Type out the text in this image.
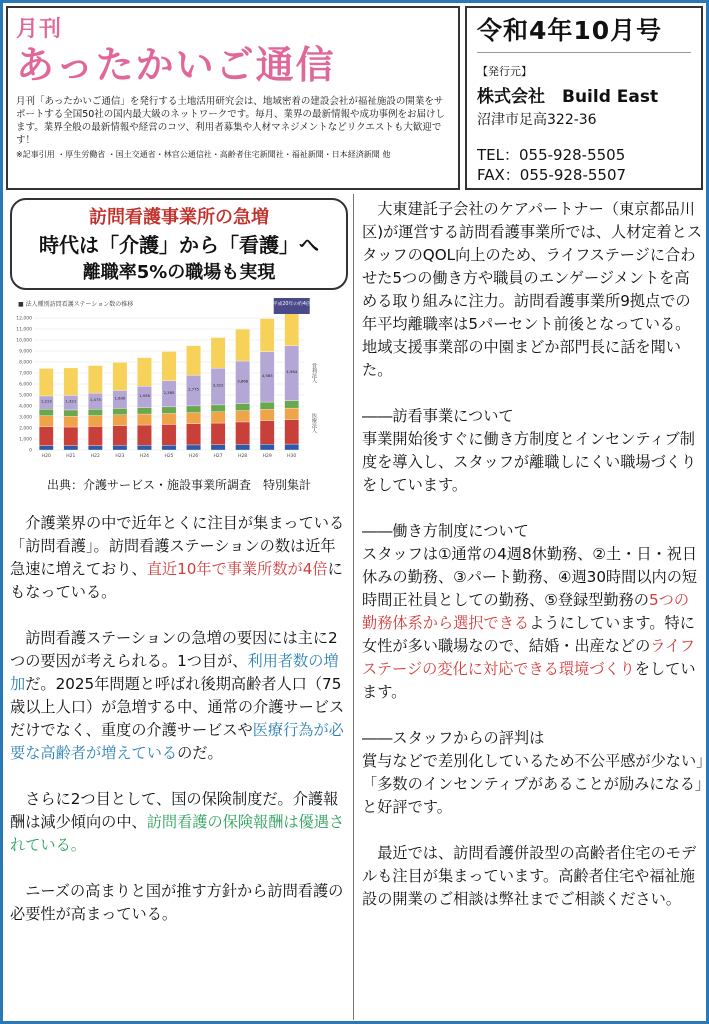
月刊
あったかいご通信
月刊「あったかいご通信」を発行する土地活用研究会は、地域密着の建設会社が福祉施設の開業をサポートする全国50社の国内最大級のネットワークです。毎月、業界の最新情報や成功事例をお届けします。業界全般の最新情報や経営のコツ、利用者募集や人材マネジメントなどリクエストも大歓迎です！
※記事引用 ・厚生労働省 ・国土交通省・林官公通信社・高齢者住宅新聞社・福祉新聞・日本経済新聞 他
令和4年10月号
【発行元】
株式会社　Build East
沼津市足高322-36
TEL：055-928-5505
FAX：055-928-5507
訪問看護事業所の急増
時代は「介護」から「看護」へ
離職率5%の職場も実現
■ 法人種別訪問看護ステーション数の推移
0
1,000
2,000
3,000
4,000
5,000
6,000
7,000
8,000
9,000
10,000
11,000
12,000
1,213
H20
1,321
H21
1,475
H22
1,630
H23
1,936
H24
2,385
H25
2,775
H26
3,322
H27
3,868
H28
4,585
H29
4,984
H30
平成20年の約4倍
営利法人
医療法人
出典：介護サービス・施設事業所調査　特別集計

介護業界の中で近年とくに注目が集まっている「訪問看護」。訪問看護ステーションの数は近年急速に増えており、直近10年で事業所数が4倍にもなっている。

訪問看護ステーションの急増の要因には主に2つの要因が考えられる。1つ目が、利用者数の増加だ。2025年問題と呼ばれ後期高齢者人口（75歳以上人口）が急増する中、通常の介護サービスだけでなく、重度の介護サービスや医療行為が必要な高齢者が増えているのだ。

さらに2つ目として、国の保険制度だ。介護報酬は減少傾向の中、訪問看護の保険報酬は優遇されている。

ニーズの高まりと国が推す方針から訪問看護の必要性が高まっている。

大東建託子会社のケアパートナー（東京都品川区)が運営する訪問看護事業所では、人材定着とスタッフのQOL向上のため、ライフステージに合わせた5つの働き方や職員のエンゲージメントを高める取り組みに注力。訪問看護事業所9拠点での年平均離職率は5パーセント前後となっている。地域支援事業部の中園まどか部門長に話を聞いた。

――訪看事業について
事業開始後すぐに働き方制度とインセンティブ制度を導入し、スタッフが離職しにくい職場づくりをしています。

――働き方制度について
スタッフは①通常の4週8休勤務、②土・日・祝日休みの勤務、③パート勤務、④週30時間以内の短時間正社員としての勤務、⑤登録型勤務の5つの勤務体系から選択できるようにしています。特に女性が多い職場なので、結婚・出産などのライフステージの変化に対応できる環境づくりをしています。

――スタッフからの評判は
賞与などで差別化しているため不公平感が少ない」「多数のインセンティブがあることが励みになる」と好評です。

最近では、訪問看護併設型の高齢者住宅のモデルも注目が集まっています。高齢者住宅や福祉施設の開業のご相談は弊社までご相談ください。
